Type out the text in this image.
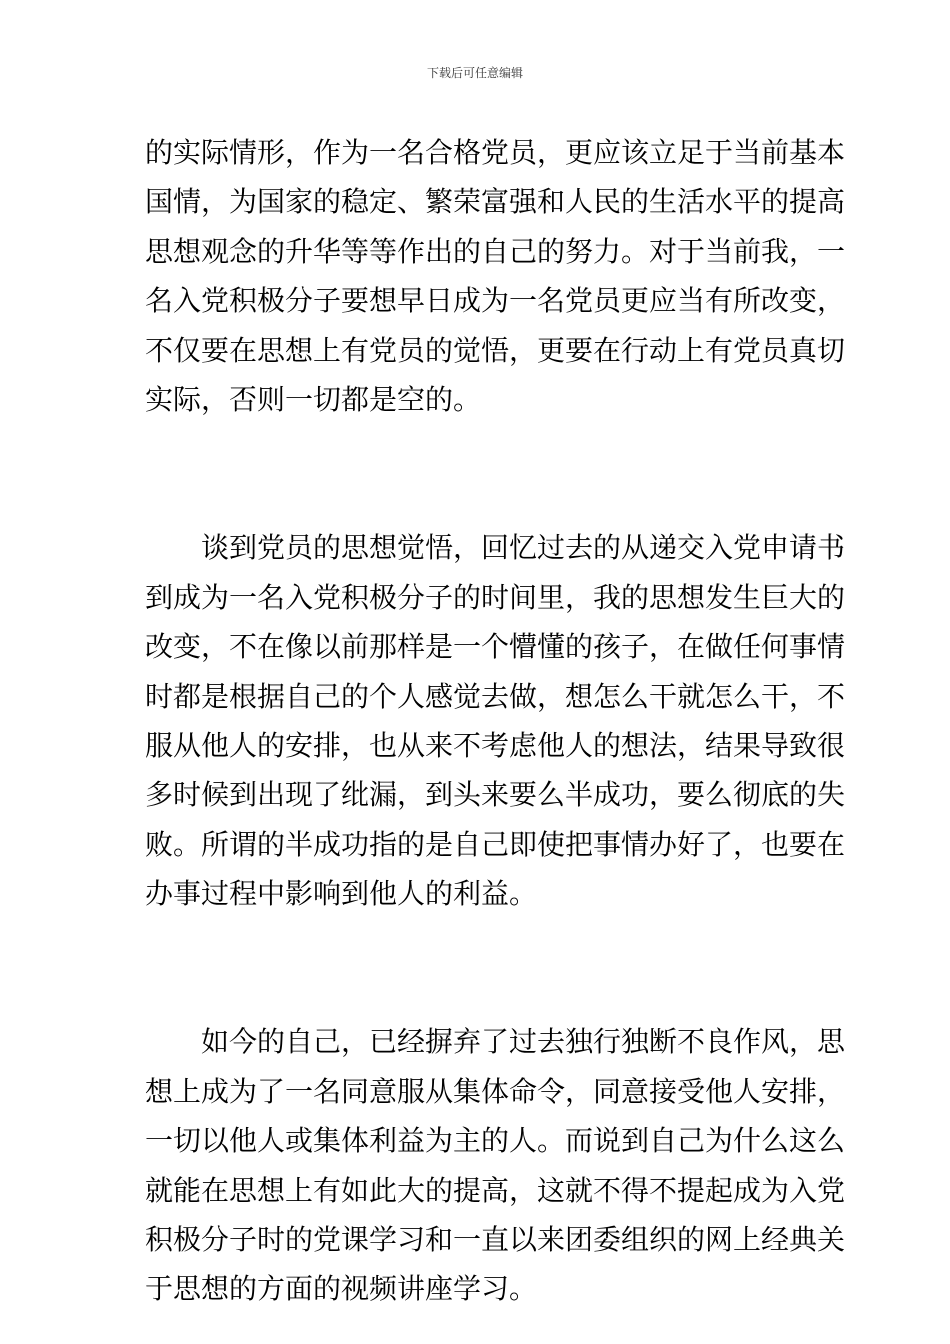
下载后可任意编辑
的实际情形，作为一名合格党员，更应该立足于当前基本
国情，为国家的稳定、繁荣富强和人民的生活水平的提高
思想观念的升华等等作出的自己的努力。对于当前我，一
名入党积极分子要想早日成为一名党员更应当有所改变，
不仅要在思想上有党员的觉悟，更要在行动上有党员真切
实际，否则一切都是空的。
　　谈到党员的思想觉悟，回忆过去的从递交入党申请书
到成为一名入党积极分子的时间里，我的思想发生巨大的
改变，不在像以前那样是一个懵懂的孩子，在做任何事情
时都是根据自己的个人感觉去做，想怎么干就怎么干，不
服从他人的安排，也从来不考虑他人的想法，结果导致很
多时候到出现了纰漏，到头来要么半成功，要么彻底的失
败。所谓的半成功指的是自己即使把事情办好了，也要在
办事过程中影响到他人的利益。
　　如今的自己，已经摒弃了过去独行独断不良作风，思
想上成为了一名同意服从集体命令，同意接受他人安排，
一切以他人或集体利益为主的人。而说到自己为什么这么
就能在思想上有如此大的提高，这就不得不提起成为入党
积极分子时的党课学习和一直以来团委组织的网上经典关
于思想的方面的视频讲座学习。
